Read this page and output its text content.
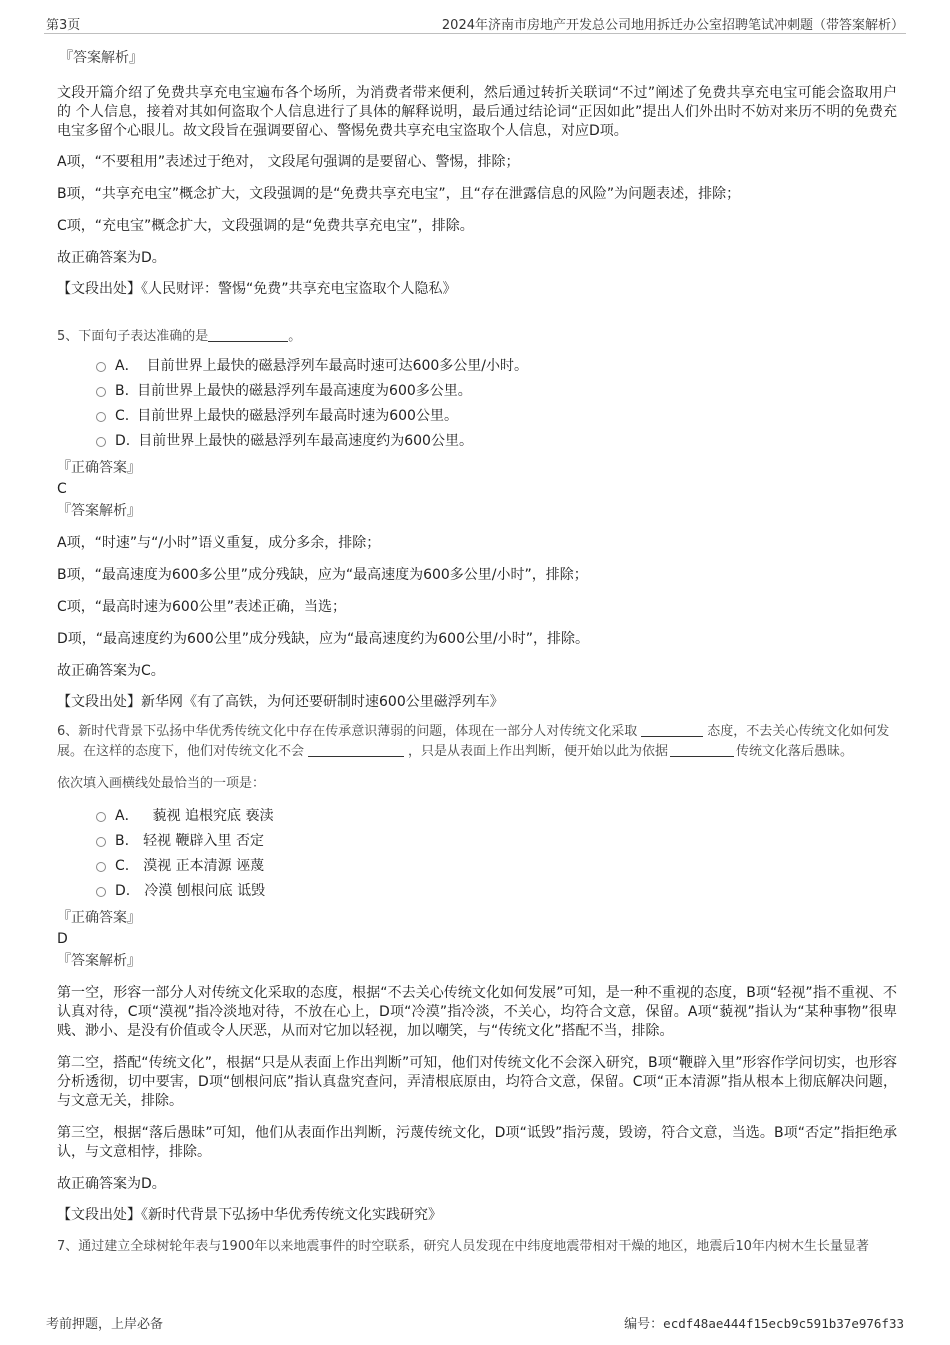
第3页	2024年济南市房地产开发总公司地用拆迁办公室招聘笔试冲刺题（带答案解析）
『答案解析』
文段开篇介绍了免费共享充电宝遍布各个场所，为消费者带来便利，然后通过转折关联词“不过”阐述了免费共享充电宝可能会盗取用户 的 个人信息，接着对其如何盗取个人信息进行了具体的解释说明，最后通过结论词“正因如此”提出人们外出时不妨对来历不明的免费充电宝多留个心眼儿。故文段旨在强调要留心、警惕免费共享充电宝盗取个人信息，对应D项。
A项，“不要租用”表述过于绝对， 文段尾句强调的是要留心、警惕，排除；
B项，“共享充电宝”概念扩大，文段强调的是“免费共享充电宝”，且“存在泄露信息的风险”为问题表述，排除；
C项，“充电宝”概念扩大，文段强调的是“免费共享充电宝”，排除。
故正确答案为D。
【文段出处】《人民财评：警惕“免费”共享充电宝盗取个人隐私》
5、下面句子表达准确的是	。
A． 目前世界上最快的磁悬浮列车最高时速可达600多公里/小时。
B. 目前世界上最快的磁悬浮列车最高速度为600多公里。
C. 目前世界上最快的磁悬浮列车最高时速为600公里。
D. 目前世界上最快的磁悬浮列车最高速度约为600公里。
『正确答案』
C
『答案解析』
A项，“时速”与“/小时”语义重复，成分多余，排除；
B项，“最高速度为600多公里”成分残缺，应为“最高速度为600多公里/小时”，排除；
C项，“最高时速为600公里”表述正确，当选；
D项，“最高速度约为600公里”成分残缺，应为“最高速度约为600公里/小时”，排除。
故正确答案为C。
【文段出处】新华网《有了高铁，为何还要研制时速600公里磁浮列车》
6、新时代背景下弘扬中华优秀传统文化中存在传承意识薄弱的问题，体现在一部分人对传统文化采取	态度，不去关心传统文化如何发展。在这样的态度下，他们对传统文化不会	，只是从表面上作出判断，便开始以此为依据	传统文化落后愚昧。
依次填入画横线处最恰当的一项是：
A． 藐视 追根究底 亵渎
B. 轻视 鞭辟入里 否定
C. 漠视 正本清源 诬蔑
D. 冷漠 刨根问底 诋毁
『正确答案』
D
『答案解析』
第一空，形容一部分人对传统文化采取的态度，根据“不去关心传统文化如何发展”可知，是一种不重视的态度，B项“轻视”指不重视、不认真对待，C项“漠视”指冷淡地对待，不放在心上，D项“冷漠”指冷淡，不关心，均符合文意，保留。A项“藐视”指认为“某种事物”很卑贱、渺小、是没有价值或令人厌恶，从而对它加以轻视，加以嘲笑，与“传统文化”搭配不当，排除。
第二空，搭配“传统文化”，根据“只是从表面上作出判断”可知，他们对传统文化不会深入研究，B项“鞭辟入里”形容作学问切实，也形容分析透彻，切中要害，D项“刨根问底”指认真盘究查问，弄清根底原由，均符合文意，保留。C项“正本清源”指从根本上彻底解决问题，与文意无关，排除。
第三空，根据“落后愚昧”可知，他们从表面作出判断，污蔑传统文化，D项“诋毁”指污蔑，毁谤，符合文意，当选。B项“否定”指拒绝承认，与文意相悖，排除。
故正确答案为D。
【文段出处】《新时代背景下弘扬中华优秀传统文化实践研究》
7、通过建立全球树轮年表与1900年以来地震事件的时空联系，研究人员发现在中纬度地震带相对干燥的地区，地震后10年内树木生长量显著
考前押题，上岸必备	编号：ecdf48ae444f15ecb9c591b37e976f33
